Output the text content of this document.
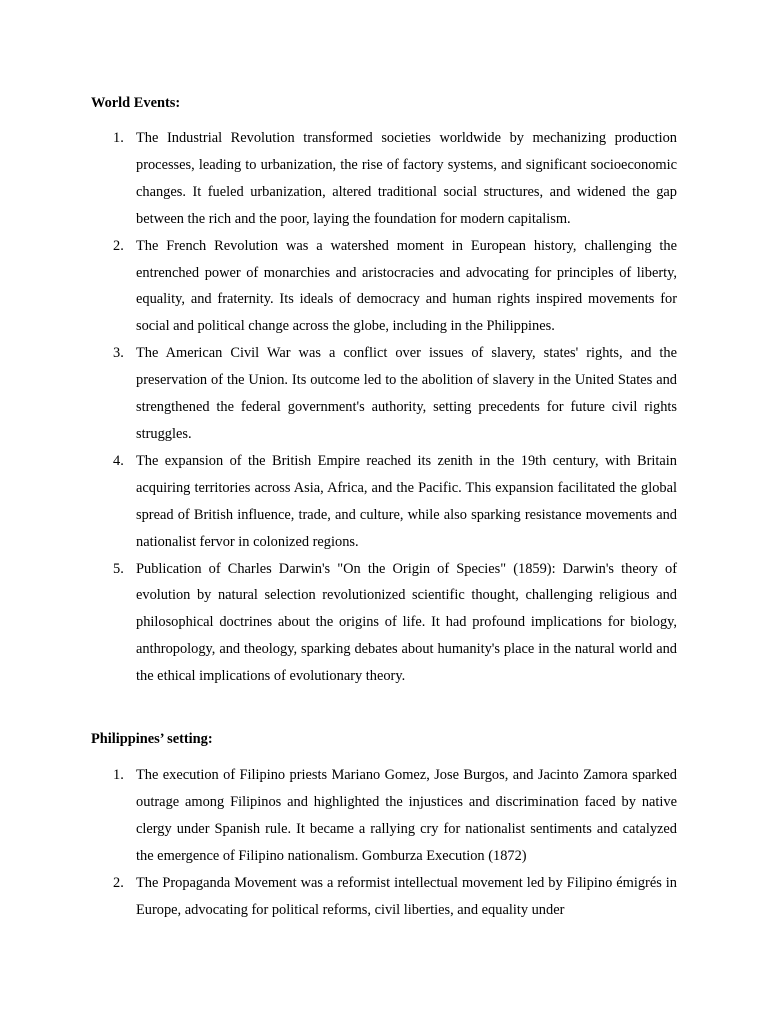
World Events:
1. The Industrial Revolution transformed societies worldwide by mechanizing production processes, leading to urbanization, the rise of factory systems, and significant socioeconomic changes. It fueled urbanization, altered traditional social structures, and widened the gap between the rich and the poor, laying the foundation for modern capitalism.
2. The French Revolution was a watershed moment in European history, challenging the entrenched power of monarchies and aristocracies and advocating for principles of liberty, equality, and fraternity. Its ideals of democracy and human rights inspired movements for social and political change across the globe, including in the Philippines.
3. The American Civil War was a conflict over issues of slavery, states' rights, and the preservation of the Union. Its outcome led to the abolition of slavery in the United States and strengthened the federal government's authority, setting precedents for future civil rights struggles.
4. The expansion of the British Empire reached its zenith in the 19th century, with Britain acquiring territories across Asia, Africa, and the Pacific. This expansion facilitated the global spread of British influence, trade, and culture, while also sparking resistance movements and nationalist fervor in colonized regions.
5. Publication of Charles Darwin's "On the Origin of Species" (1859): Darwin's theory of evolution by natural selection revolutionized scientific thought, challenging religious and philosophical doctrines about the origins of life. It had profound implications for biology, anthropology, and theology, sparking debates about humanity's place in the natural world and the ethical implications of evolutionary theory.
Philippines’ setting:
1. The execution of Filipino priests Mariano Gomez, Jose Burgos, and Jacinto Zamora sparked outrage among Filipinos and highlighted the injustices and discrimination faced by native clergy under Spanish rule. It became a rallying cry for nationalist sentiments and catalyzed the emergence of Filipino nationalism. Gomburza Execution (1872)
2. The Propaganda Movement was a reformist intellectual movement led by Filipino émigrés in Europe, advocating for political reforms, civil liberties, and equality under
